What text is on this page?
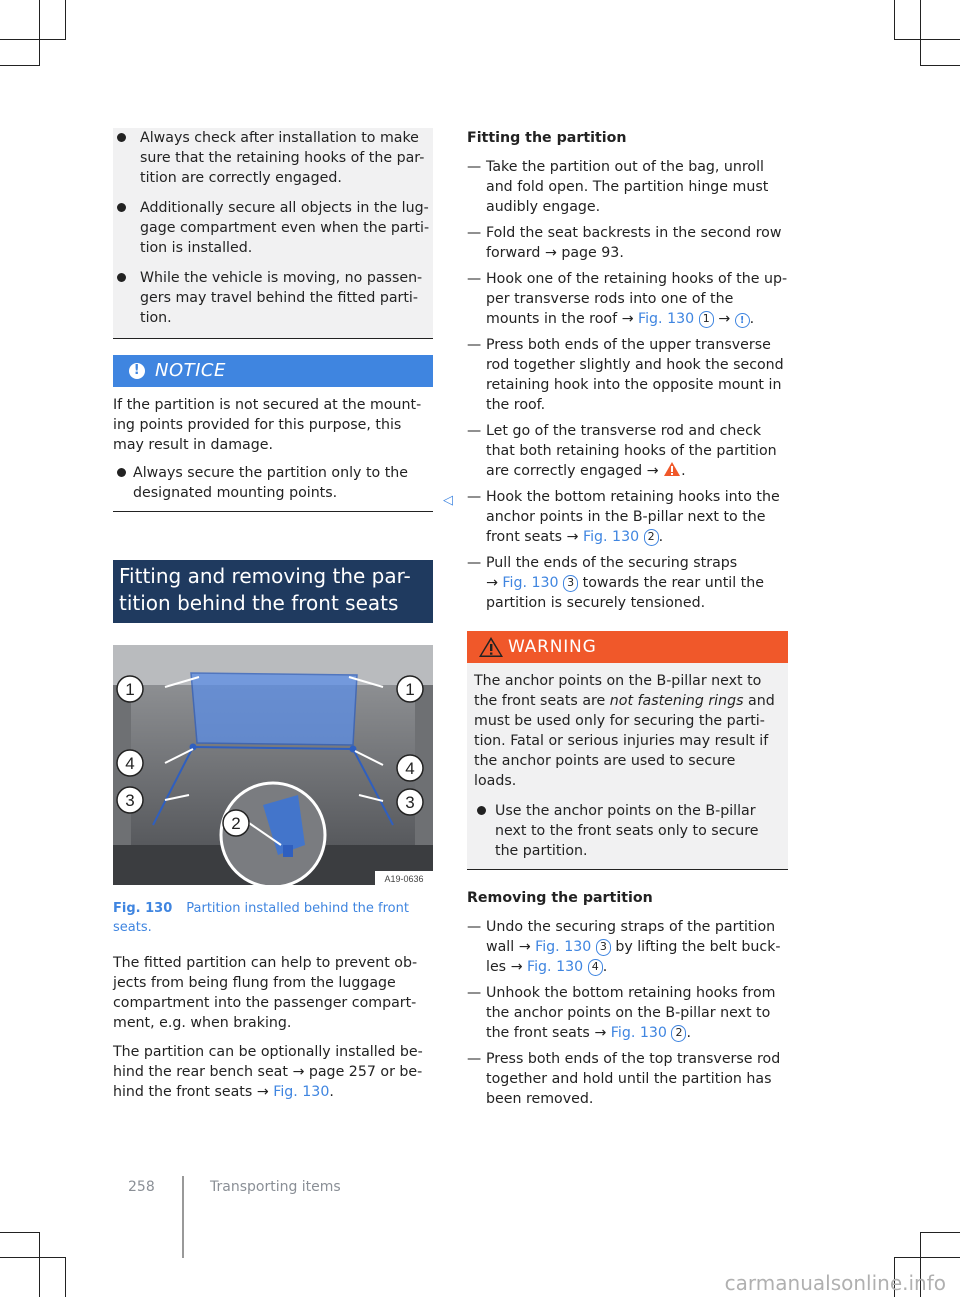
Always check after installation to make sure that the retaining hooks of the par-tition are correctly engaged.
Additionally secure all objects in the lug-gage compartment even when the parti-tion is installed.
While the vehicle is moving, no passen-gers may travel behind the fitted parti-tion.
! NOTICE

If the partition is not secured at the mount-ing points provided for this purpose, this may result in damage.

Always secure the partition only to the designated mounting points.	◁
Fitting and removing the par-tition behind the front seats
1	1
4	4
3	3
2
A19-0636
Fig. 130 Partition installed behind the front seats.

The fitted partition can help to prevent ob-jects from being flung from the luggage compartment into the passenger compart-ment, e.g. when braking.

The partition can be optionally installed be-hind the rear bench seat → page 257 or be-hind the front seats → Fig. 130.

Fitting the partition
— Take the partition out of the bag, unroll and fold open. The partition hinge must audibly engage.
— Fold the seat backrests in the second row forward → page 93.
— Hook one of the retaining hooks of the up-per transverse rods into one of the mounts in the roof → Fig. 130 1 → ! .
— Press both ends of the upper transverse rod together slightly and hook the second retaining hook into the opposite mount in the roof.
— Let go of the transverse rod and check that both retaining hooks of the partition are correctly engaged → .
— Hook the bottom retaining hooks into the anchor points in the B-pillar next to the front seats → Fig. 130 2 .
— Pull the ends of the securing straps
→ Fig. 130 3 towards the rear until the partition is securely tensioned.
WARNING

The anchor points on the B-pillar next to the front seats are not fastening rings and must be used only for securing the parti-tion. Fatal or serious injuries may result if the anchor points are used to secure loads.

Use the anchor points on the B-pillar next to the front seats only to secure the partition.
Removing the partition
— Undo the securing straps of the partition wall → Fig. 130 3 by lifting the belt buck-les → Fig. 130 4 .
— Unhook the bottom retaining hooks from the anchor points on the B-pillar next to the front seats → Fig. 130 2 .
— Press both ends of the top transverse rod together and hold until the partition has been removed.
258	Transporting items
carmanualsonline.info
